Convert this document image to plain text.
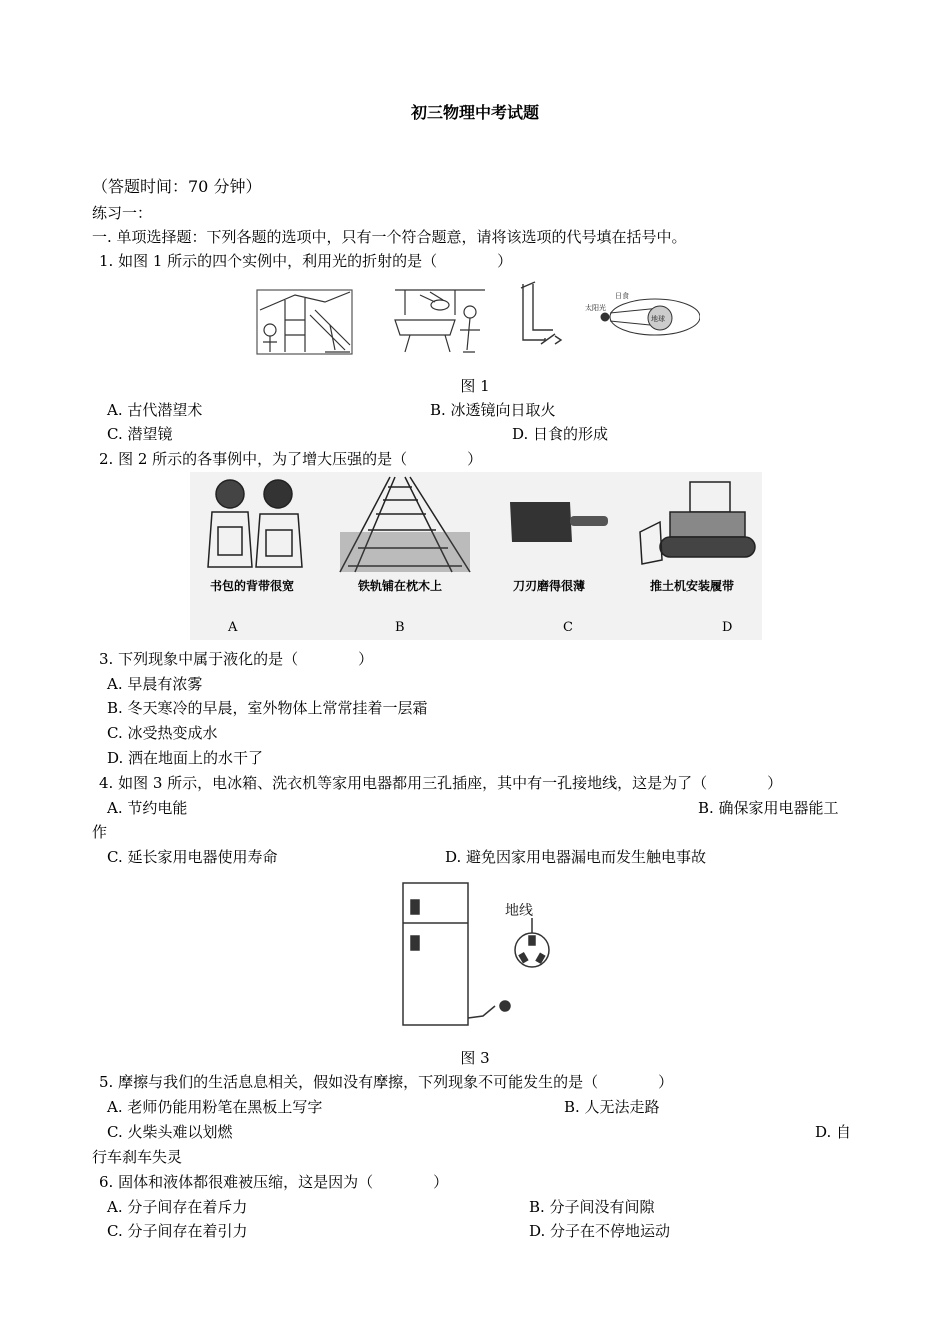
初三物理中考试题
（答题时间：70 分钟）
练习一：
一. 单项选择题：下列各题的选项中，只有一个符合题意，请将该选项的代号填在括号中。
1. 如图 1 所示的四个实例中，利用光的折射的是（　　　　）
太阳光
日食
地球
图 1
A. 古代潜望术	B. 冰透镜向日取火
C. 潜望镜	D. 日食的形成
2. 图 2 所示的各事例中，为了增大压强的是（　　　　）
书包的背带很宽	铁轨铺在枕木上	刀刃磨得很薄	推土机安装履带
A	B	C	D
3. 下列现象中属于液化的是（　　　　）
A. 早晨有浓雾
B. 冬天寒冷的早晨，室外物体上常常挂着一层霜
C. 冰受热变成水
D. 洒在地面上的水干了
4. 如图 3 所示，电冰箱、洗衣机等家用电器都用三孔插座，其中有一孔接地线，这是为了（　　　　）
A. 节约电能	B. 确保家用电器能工
作
C. 延长家用电器使用寿命	D. 避免因家用电器漏电而发生触电事故
地线
图 3
5. 摩擦与我们的生活息息相关，假如没有摩擦，下列现象不可能发生的是（　　　　）
A. 老师仍能用粉笔在黑板上写字	B. 人无法走路
C. 火柴头难以划燃	D. 自
行车刹车失灵
6. 固体和液体都很难被压缩，这是因为（　　　　）
A. 分子间存在着斥力	B. 分子间没有间隙
C. 分子间存在着引力	D. 分子在不停地运动
